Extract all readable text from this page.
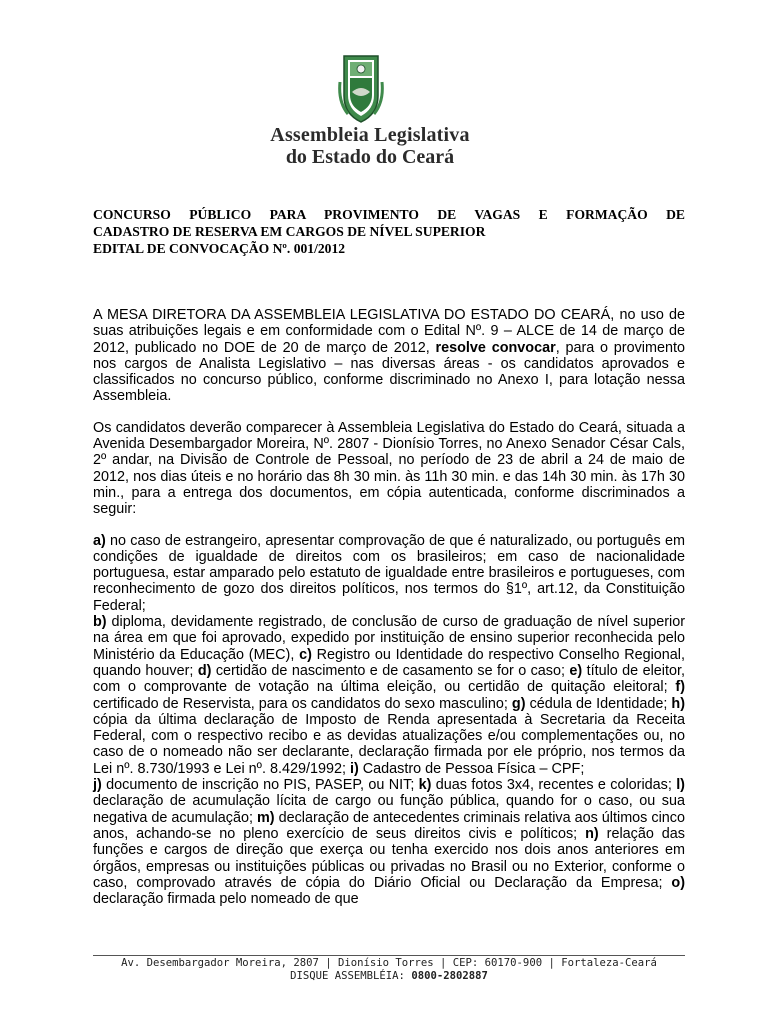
Assembleia Legislativa
do Estado do Ceará
CONCURSO PÚBLICO PARA PROVIMENTO DE VAGAS E FORMAÇÃO DE
CADASTRO DE RESERVA EM CARGOS DE NÍVEL SUPERIOR
EDITAL DE CONVOCAÇÃO Nº. 001/2012

A MESA DIRETORA DA ASSEMBLEIA LEGISLATIVA DO ESTADO DO CEARÁ, no uso de suas atribuições legais e em conformidade com o Edital Nº. 9 – ALCE de 14 de março de 2012, publicado no DOE de 20 de março de 2012, resolve convocar, para o provimento nos cargos de Analista Legislativo – nas diversas áreas - os candidatos aprovados e classificados no concurso público, conforme discriminado no Anexo I, para lotação nessa Assembleia.

Os candidatos deverão comparecer à Assembleia Legislativa do Estado do Ceará, situada a Avenida Desembargador Moreira, Nº. 2807 - Dionísio Torres, no Anexo Senador César Cals, 2º andar, na Divisão de Controle de Pessoal, no período de 23 de abril a 24 de maio de 2012, nos dias úteis e no horário das 8h 30 min. às 11h 30 min. e das 14h 30 min. às 17h 30 min., para a entrega dos documentos, em cópia autenticada, conforme discriminados a seguir:

a) no caso de estrangeiro, apresentar comprovação de que é naturalizado, ou português em condições de igualdade de direitos com os brasileiros; em caso de nacionalidade portuguesa, estar amparado pelo estatuto de igualdade entre brasileiros e portugueses, com reconhecimento de gozo dos direitos políticos, nos termos do §1º, art.12, da Constituição Federal;

b) diploma, devidamente registrado, de conclusão de curso de graduação de nível superior na área em que foi aprovado, expedido por instituição de ensino superior reconhecida pelo Ministério da Educação (MEC), c) Registro ou Identidade do respectivo Conselho Regional, quando houver; d) certidão de nascimento e de casamento se for o caso; e) título de eleitor, com o comprovante de votação na última eleição, ou certidão de quitação eleitoral; f) certificado de Reservista, para os candidatos do sexo masculino; g) cédula de Identidade; h) cópia da última declaração de Imposto de Renda apresentada à Secretaria da Receita Federal, com o respectivo recibo e as devidas atualizações e/ou complementações ou, no caso de o nomeado não ser declarante, declaração firmada por ele próprio, nos termos da Lei nº. 8.730/1993 e Lei nº. 8.429/1992; i) Cadastro de Pessoa Física – CPF;

j) documento de inscrição no PIS, PASEP, ou NIT; k) duas fotos 3x4, recentes e coloridas; l) declaração de acumulação lícita de cargo ou função pública, quando for o caso, ou sua negativa de acumulação; m) declaração de antecedentes criminais relativa aos últimos cinco anos, achando-se no pleno exercício de seus direitos civis e políticos; n) relação das funções e cargos de direção que exerça ou tenha exercido nos dois anos anteriores em órgãos, empresas ou instituições públicas ou privadas no Brasil ou no Exterior, conforme o caso, comprovado através de cópia do Diário Oficial ou Declaração da Empresa; o) declaração firmada pelo nomeado de que

Av. Desembargador Moreira, 2807 | Dionísio Torres | CEP: 60170-900 | Fortaleza-Ceará
DISQUE ASSEMBLÉIA: 0800-2802887
